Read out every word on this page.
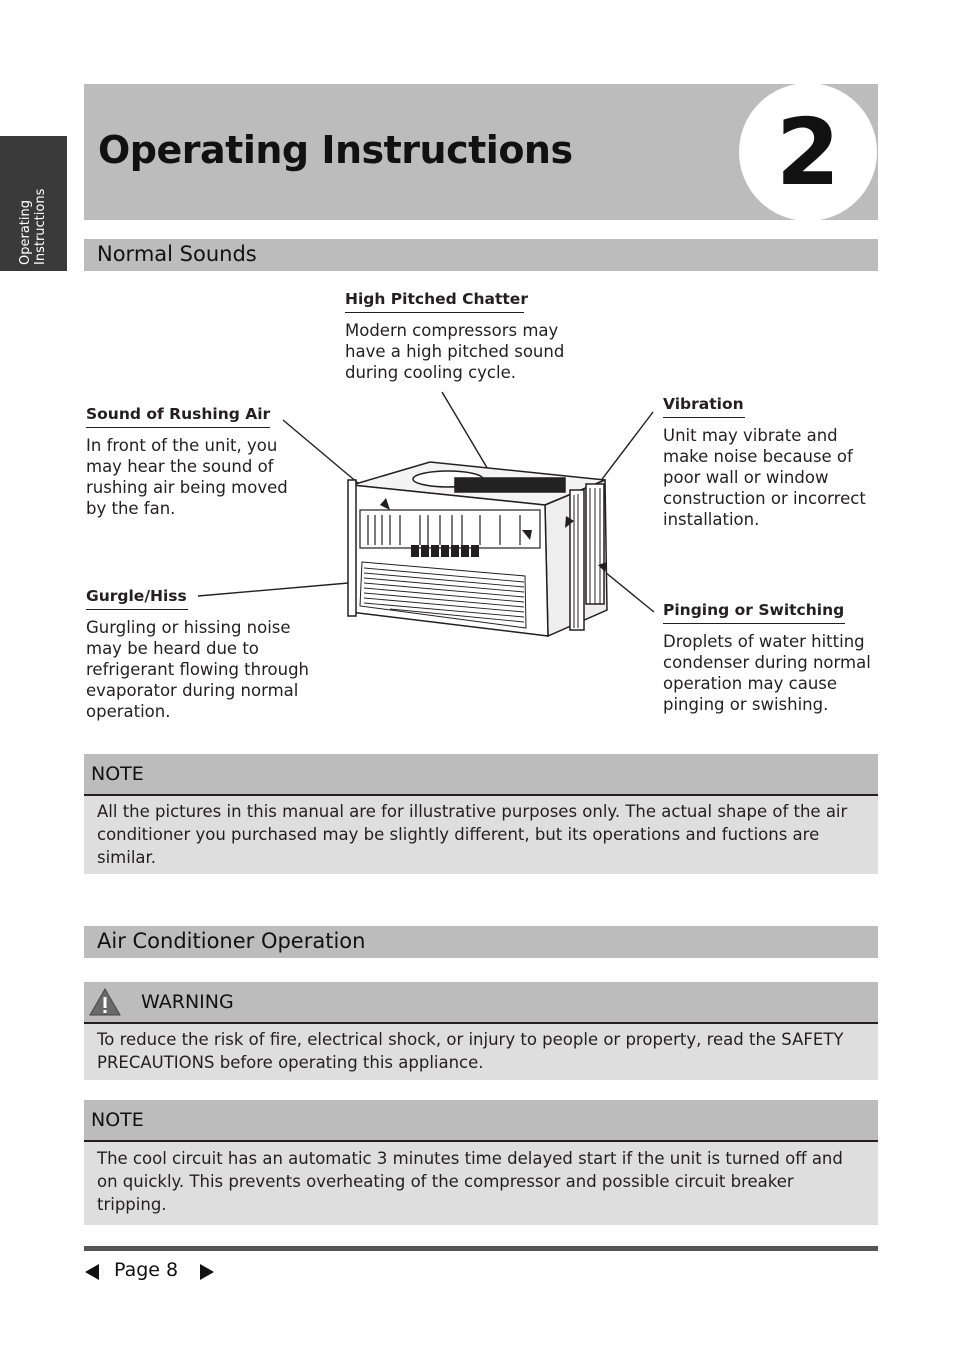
Operating Instructions
Operating Instructions	2
Normal Sounds
High Pitched Chatter
Modern compressors may have a high pitched sound during cooling cycle.
Sound of Rushing Air
In front of the unit, you may hear the sound of rushing air being moved by the fan.
Vibration
Unit may vibrate and make noise because of poor wall or window construction or incorrect installation.
Gurgle/Hiss
Gurgling or hissing noise may be heard due to refrigerant flowing through evaporator during normal operation.
Pinging or Switching
Droplets of water hitting condenser during normal operation may cause pinging or swishing.
NOTE
All the pictures in this manual are for illustrative purposes only. The actual shape of the air conditioner you purchased may be slightly different, but its operations and fuctions are similar.
Air Conditioner Operation
WARNING
To reduce the risk of fire, electrical shock, or injury to people or property, read the SAFETY PRECAUTIONS before operating this appliance.
NOTE
The cool circuit has an automatic 3 minutes time delayed start if the unit is turned off and on quickly. This prevents overheating of the compressor and possible circuit breaker tripping.
Page 8
